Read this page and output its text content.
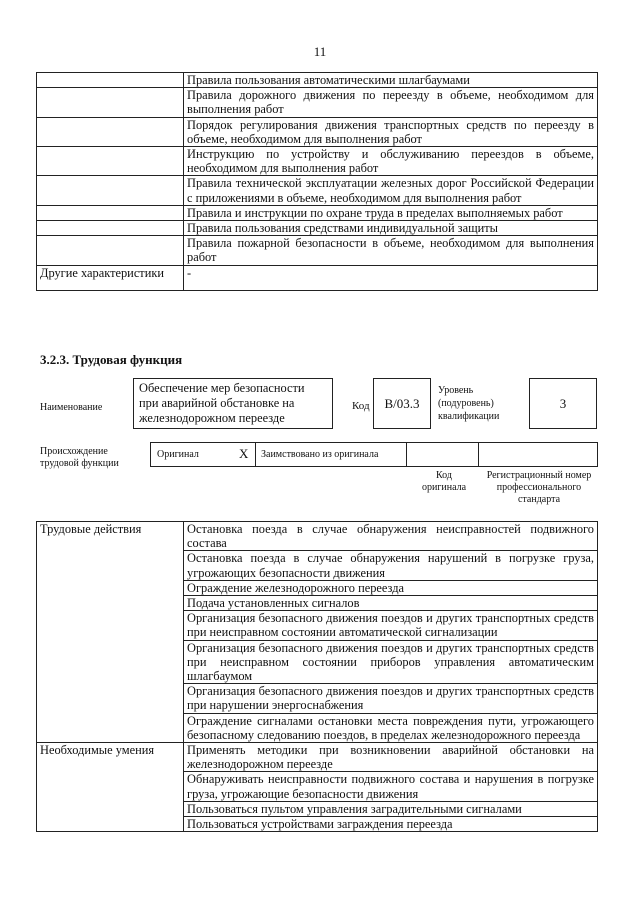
11
	Правила пользования автоматическими шлагбаумами
	Правила дорожного движения по переезду в объеме, необходимом для выполнения работ
	Порядок регулирования движения транспортных средств по переезду в объеме, необходимом для выполнения работ
	Инструкцию по устройству и обслуживанию переездов в объеме, необходимом для выполнения работ
	Правила технической эксплуатации железных дорог Российской Федерации с приложениями в объеме, необходимом для выполнения работ
	Правила и инструкции по охране труда в пределах выполняемых работ
	Правила пользования средствами индивидуальной защиты
	Правила пожарной безопасности в объеме, необходимом для выполнения работ
Другие характеристики	-
3.2.3. Трудовая функция
Наименование
Обеспечение мер безопасности при аварийной обстановке на железнодорожном переезде
Код B/03.3
Уровень (подуровень) квалификации
3
Происхождение трудовой функции
Оригинал	X Заимствовано из оригинала
Код оригинала
Регистрационный номер профессионального стандарта
Трудовые действия	Остановка поезда в случае обнаружения неисправностей подвижного состава
	Остановка поезда в случае обнаружения нарушений в погрузке груза, угрожающих безопасности движения
	Ограждение железнодорожного переезда
	Подача установленных сигналов
	Организация безопасного движения поездов и других транспортных средств при неисправном состоянии автоматической сигнализации
	Организация безопасного движения поездов и других транспортных средств при неисправном состоянии приборов управления автоматическим шлагбаумом
	Организация безопасного движения поездов и других транспортных средств при нарушении энергоснабжения
	Ограждение сигналами остановки места повреждения пути, угрожающего безопасному следованию поездов, в пределах железнодорожного переезда
Необходимые умения	Применять методики при возникновении аварийной обстановки на железнодорожном переезде
	Обнаруживать неисправности подвижного состава и нарушения в погрузке груза, угрожающие безопасности движения
	Пользоваться пультом управления заградительными сигналами
	Пользоваться устройствами заграждения переезда
